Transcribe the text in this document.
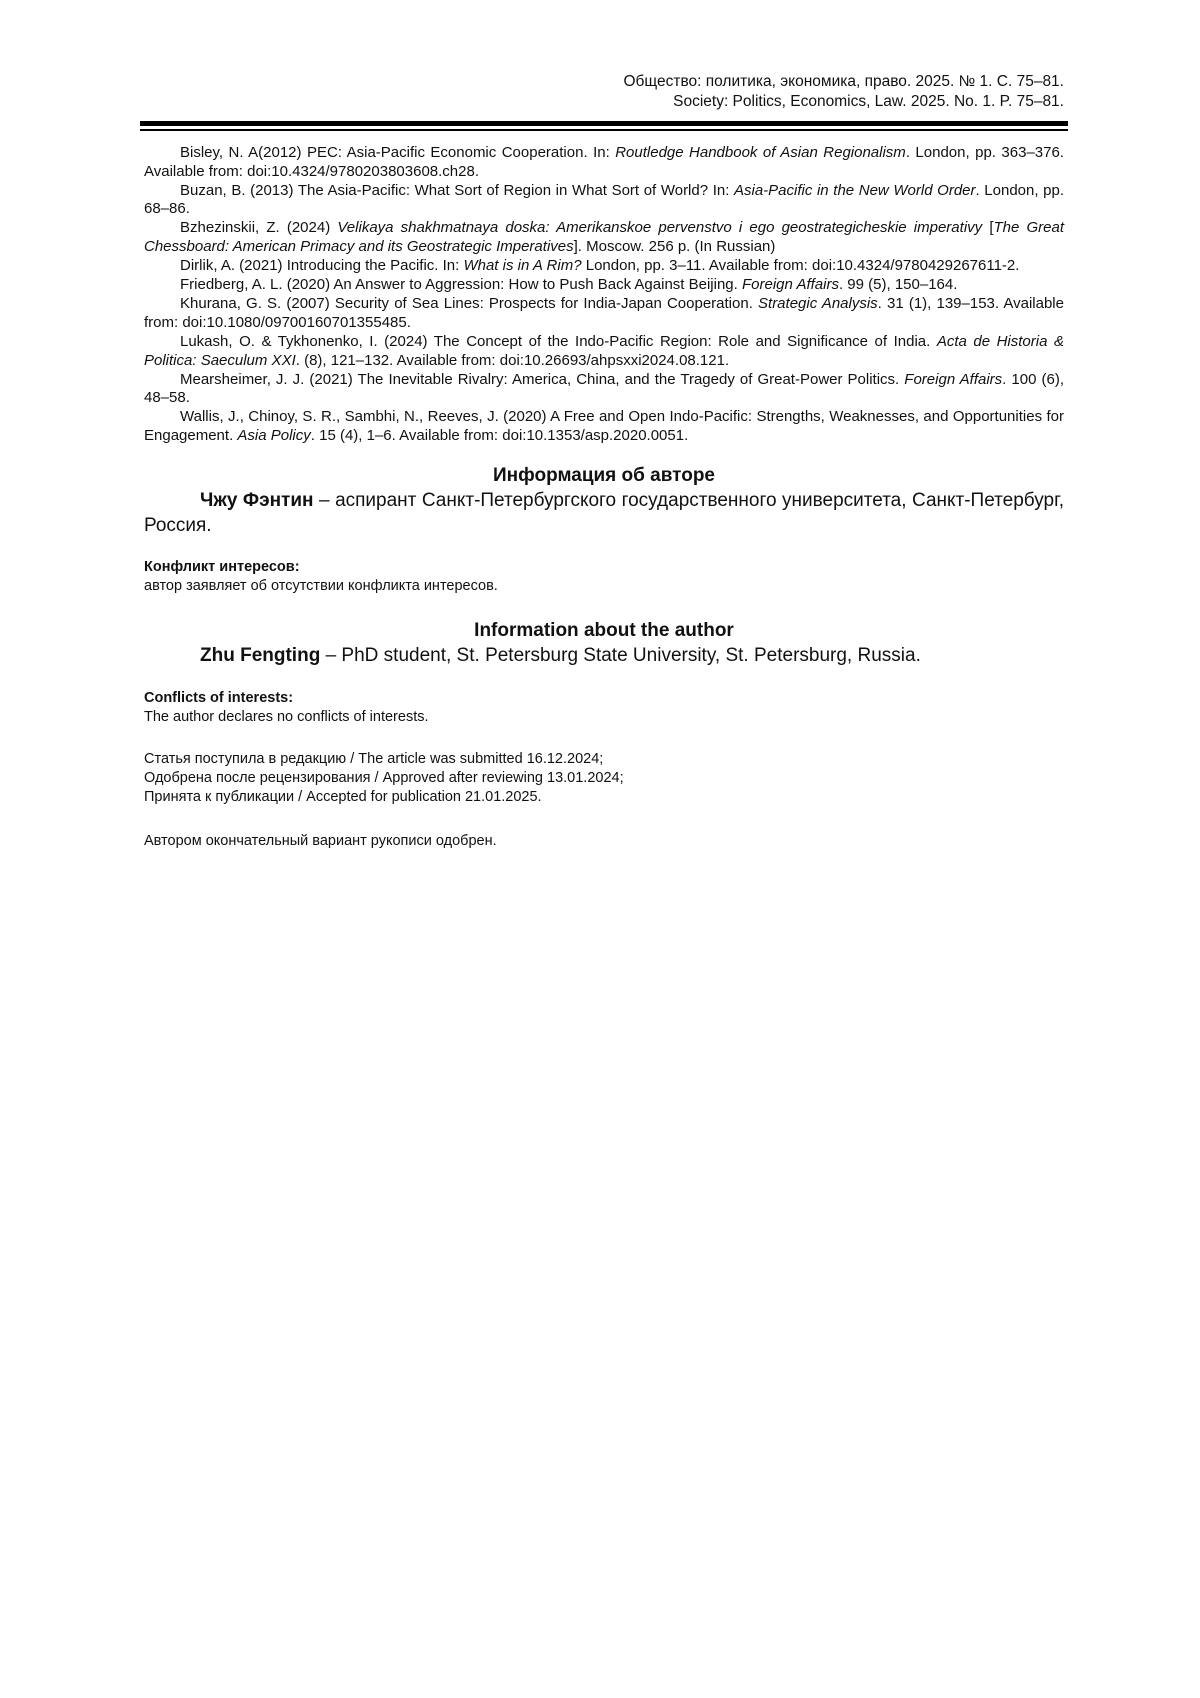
Общество: политика, экономика, право. 2025. № 1. С. 75–81.
Society: Politics, Economics, Law. 2025. No. 1. P. 75–81.

Bisley, N. A(2012) PEC: Asia-Pacific Economic Cooperation. In: Routledge Handbook of Asian Regionalism. London, pp. 363–376. Available from: doi:10.4324/9780203803608.ch28.

Buzan, B. (2013) The Asia-Pacific: What Sort of Region in What Sort of World? In: Asia-Pacific in the New World Order. London, pp. 68–86.

Bzhezinskii, Z. (2024) Velikaya shakhmatnaya doska: Amerikanskoe pervenstvo i ego geostrategicheskie imperativy [The Great Chessboard: American Primacy and its Geostrategic Imperatives]. Moscow. 256 p. (In Russian)

Dirlik, A. (2021) Introducing the Pacific. In: What is in A Rim? London, pp. 3–11. Available from: doi:10.4324/9780429267611-2.

Friedberg, A. L. (2020) An Answer to Aggression: How to Push Back Against Beijing. Foreign Affairs. 99 (5), 150–164.

Khurana, G. S. (2007) Security of Sea Lines: Prospects for India-Japan Cooperation. Strategic Analysis. 31 (1), 139–153. Available from: doi:10.1080/09700160701355485.

Lukash, O. & Tykhonenko, I. (2024) The Concept of the Indo-Pacific Region: Role and Significance of India. Acta de Historia & Politica: Saeculum XXI. (8), 121–132. Available from: doi:10.26693/ahpsxxi2024.08.121.

Mearsheimer, J. J. (2021) The Inevitable Rivalry: America, China, and the Tragedy of Great-Power Politics. Foreign Affairs. 100 (6), 48–58.

Wallis, J., Chinoy, S. R., Sambhi, N., Reeves, J. (2020) A Free and Open Indo-Pacific: Strengths, Weaknesses, and Opportunities for Engagement. Asia Policy. 15 (4), 1–6. Available from: doi:10.1353/asp.2020.0051.

Информация об авторе

Чжу Фэнтин – аспирант Санкт-Петербургского государственного университета, Санкт-Петербург, Россия.

Конфликт интересов:

автор заявляет об отсутствии конфликта интересов.

Information about the author

Zhu Fengting – PhD student, St. Petersburg State University, St. Petersburg, Russia.

Conflicts of interests:

The author declares no conflicts of interests.

Статья поступила в редакцию / The article was submitted 16.12.2024;

Одобрена после рецензирования / Approved after reviewing 13.01.2024;

Принята к публикации / Accepted for publication 21.01.2025.

Автором окончательный вариант рукописи одобрен.
